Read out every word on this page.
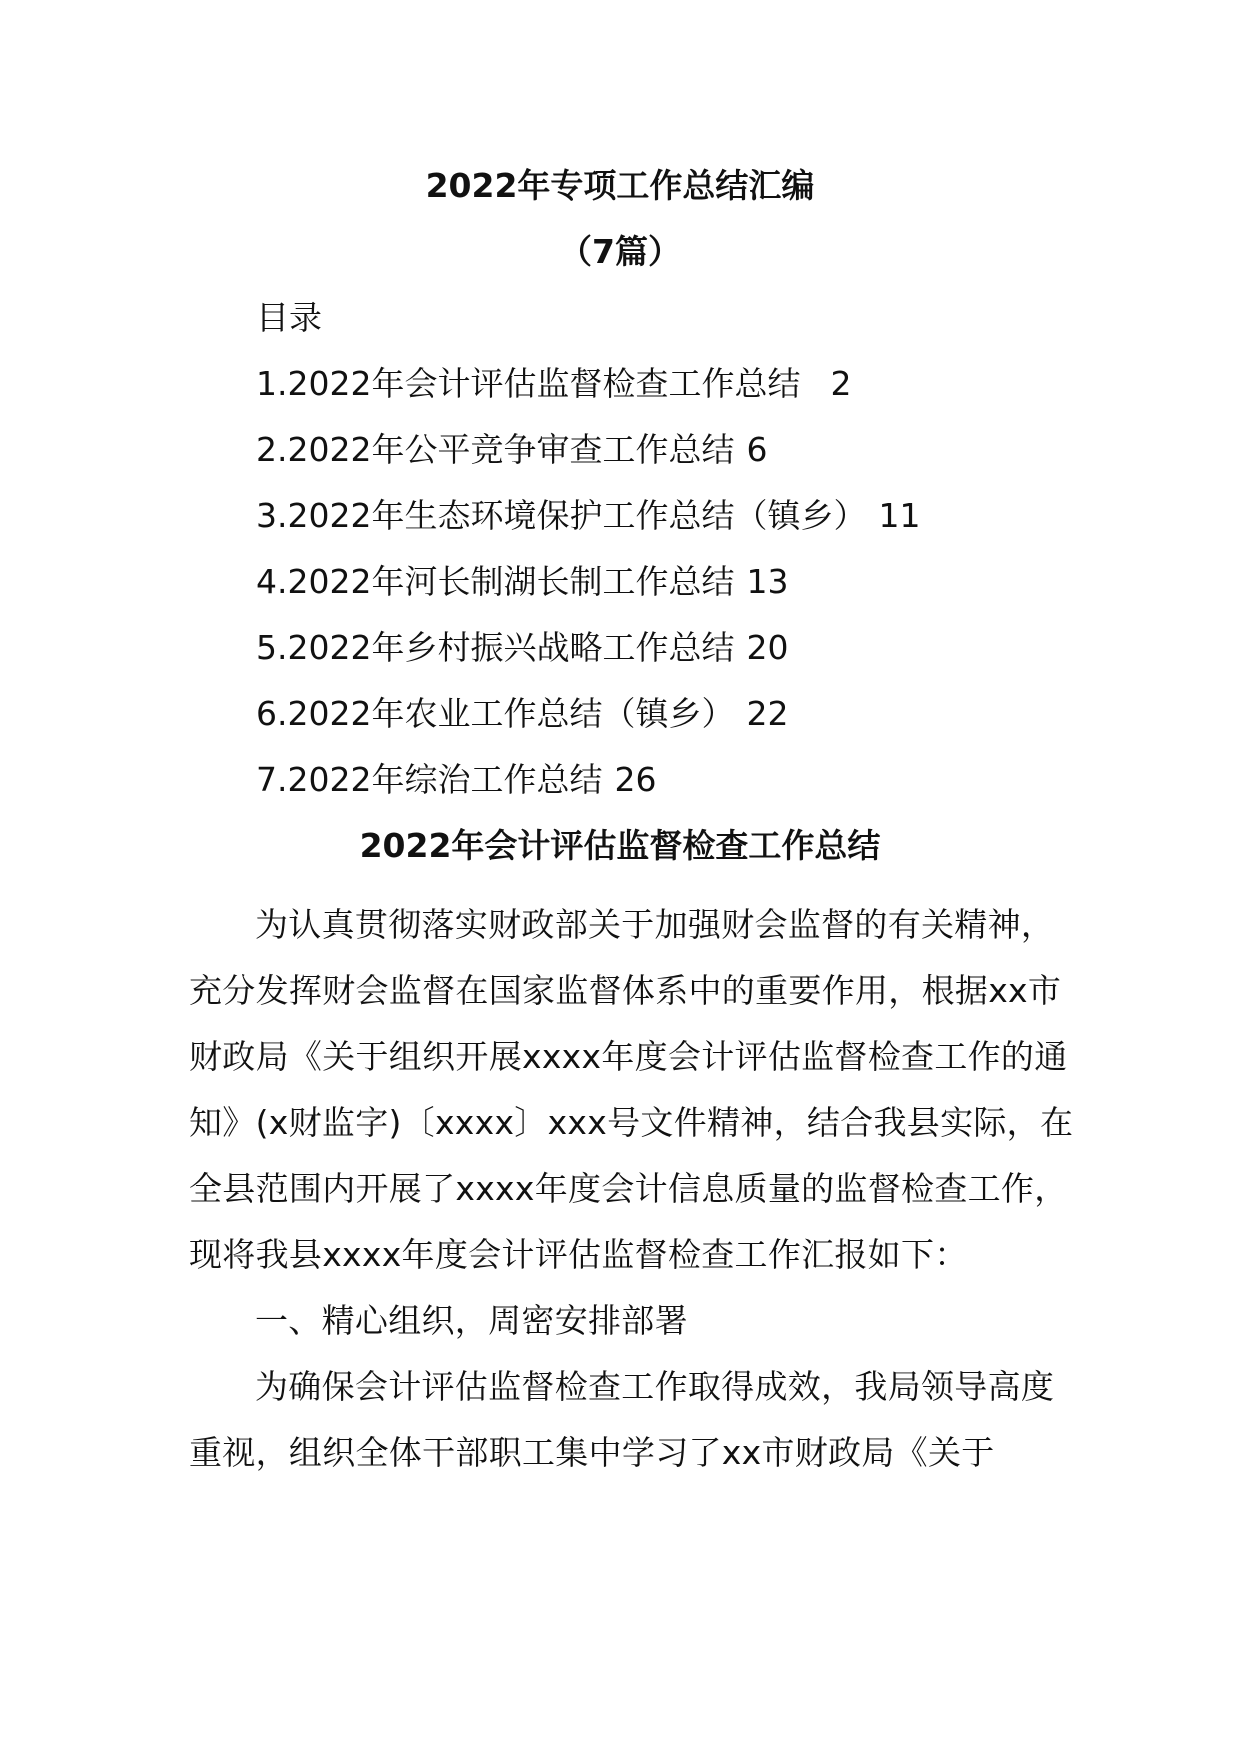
2022年专项工作总结汇编
（7篇）
目录
1.2022年会计评估监督检查工作总结 2
2.2022年公平竞争审查工作总结 6
3.2022年生态环境保护工作总结（镇乡） 11
4.2022年河长制湖长制工作总结 13
5.2022年乡村振兴战略工作总结 20
6.2022年农业工作总结（镇乡） 22
7.2022年综治工作总结 26
2022年会计评估监督检查工作总结

为认真贯彻落实财政部关于加强财会监督的有关精神，充分发挥财会监督在国家监督体系中的重要作用，根据xx市财政局《关于组织开展xxxx年度会计评估监督检查工作的通知》(x财监字)〔xxxx〕xxx号文件精神，结合我县实际，在全县范围内开展了xxxx年度会计信息质量的监督检查工作，现将我县xxxx年度会计评估监督检查工作汇报如下：

一、精心组织，周密安排部署

为确保会计评估监督检查工作取得成效，我局领导高度重视，组织全体干部职工集中学习了xx市财政局《关于
